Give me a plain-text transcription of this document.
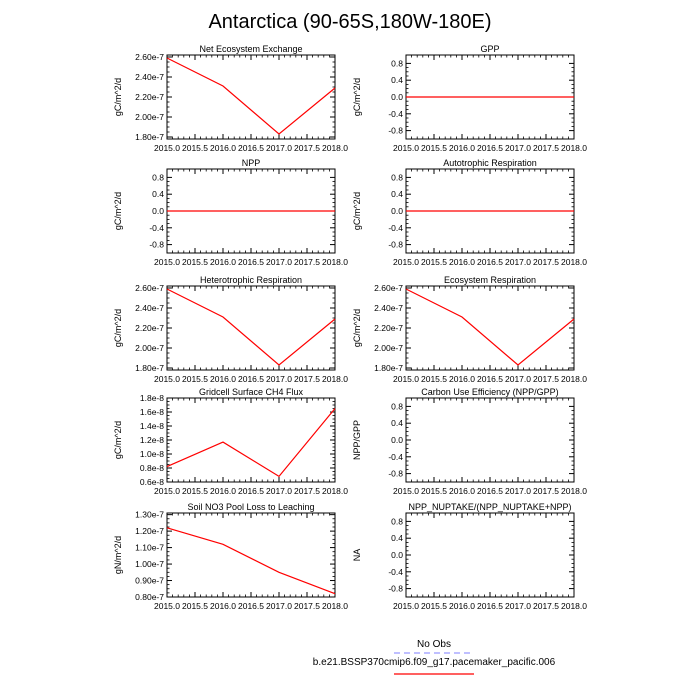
Antarctica (90-65S,180W-180E)
Net Ecosystem Exchange
gC/m^2/d
2015.0 2015.5 2016.0 2016.5 2017.0 2017.5 2018.0
1.80e-7
2.00e-7
2.20e-7
2.40e-7
2.60e-7
GPP
gC/m^2/d
2015.0 2015.5 2016.0 2016.5 2017.0 2017.5 2018.0
-0.8
-0.4
0.0
0.4
0.8
NPP
gC/m^2/d
2015.0 2015.5 2016.0 2016.5 2017.0 2017.5 2018.0
-0.8
-0.4
0.0
0.4
0.8
Autotrophic Respiration
gC/m^2/d
2015.0 2015.5 2016.0 2016.5 2017.0 2017.5 2018.0
-0.8
-0.4
0.0
0.4
0.8
Heterotrophic Respiration
gC/m^2/d
2015.0 2015.5 2016.0 2016.5 2017.0 2017.5 2018.0
1.80e-7
2.00e-7
2.20e-7
2.40e-7
2.60e-7
Ecosystem Respiration
gC/m^2/d
2015.0 2015.5 2016.0 2016.5 2017.0 2017.5 2018.0
1.80e-7
2.00e-7
2.20e-7
2.40e-7
2.60e-7
Gridcell Surface CH4 Flux
gC/m^2/d
2015.0 2015.5 2016.0 2016.5 2017.0 2017.5 2018.0
0.6e-8
0.8e-8
1.0e-8
1.2e-8
1.4e-8
1.6e-8
1.8e-8
Carbon Use Efficiency (NPP/GPP)
NPP/GPP
2015.0 2015.5 2016.0 2016.5 2017.0 2017.5 2018.0
-0.8
-0.4
0.0
0.4
0.8
Soil NO3 Pool Loss to Leaching
gN/m^2/d
2015.0 2015.5 2016.0 2016.5 2017.0 2017.5 2018.0
0.80e-7
0.90e-7
1.00e-7
1.10e-7
1.20e-7
1.30e-7
NPP_NUPTAKE/(NPP_NUPTAKE+NPP)
NA
2015.0 2015.5 2016.0 2016.5 2017.0 2017.5 2018.0
-0.8
-0.4
0.0
0.4
0.8
No Obs
b.e21.BSSP370cmip6.f09_g17.pacemaker_pacific.006
